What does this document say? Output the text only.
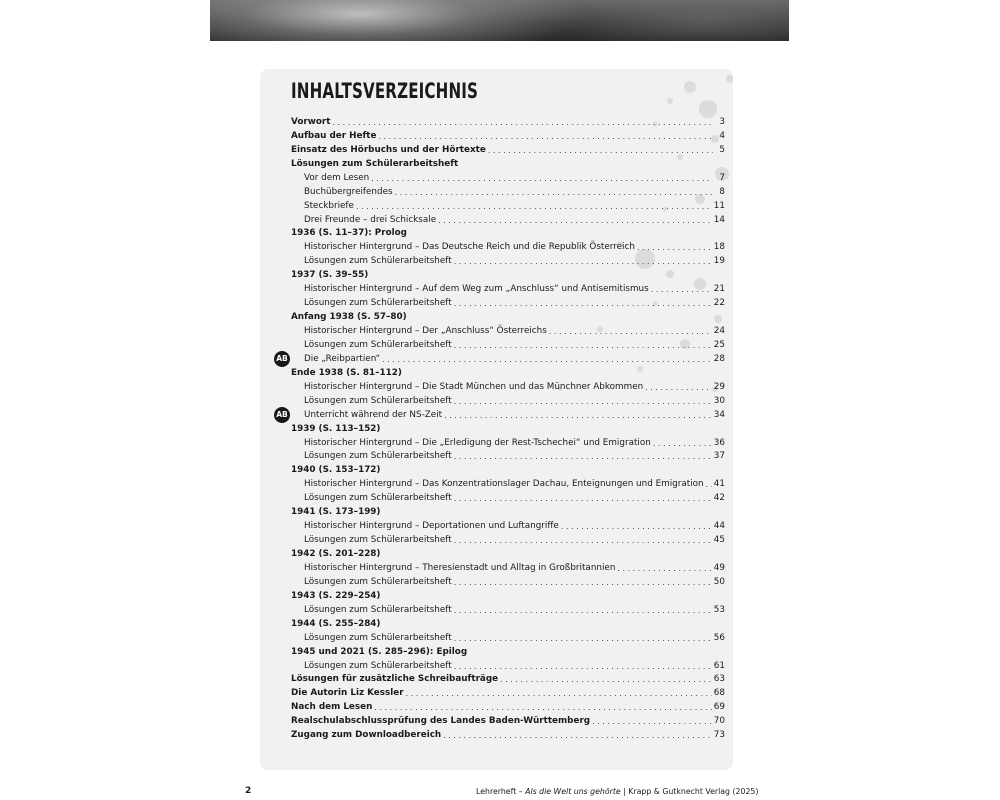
INHALTSVERZEICHNIS
Vorwort . . .	3
Aufbau der Hefte . . .	4
Einsatz des Hörbuchs und der Hörtexte . . .	5
Lösungen zum Schülerarbeitsheft
Vor dem Lesen . . .	7
Buchübergreifendes . . .	8
Steckbriefe . . .	11
Drei Freunde – drei Schicksale . . .	14
1936 (S. 11–37): Prolog
Historischer Hintergrund – Das Deutsche Reich und die Republik Österreich . . .	18
Lösungen zum Schülerarbeitsheft . . .	19
1937 (S. 39–55)
Historischer Hintergrund – Auf dem Weg zum „Anschluss“ und Antisemitismus . . .	21
Lösungen zum Schülerarbeitsheft . . .	22
Anfang 1938 (S. 57–80)
Historischer Hintergrund – Der „Anschluss“ Österreichs . . .	24
Lösungen zum Schülerarbeitsheft . . .	25
AB Die „Reibpartien“ . . .	28
Ende 1938 (S. 81–112)
Historischer Hintergrund – Die Stadt München und das Münchner Abkommen . . .	29
Lösungen zum Schülerarbeitsheft . . .	30
AB Unterricht während der NS-Zeit . . .	34
1939 (S. 113–152)
Historischer Hintergrund – Die „Erledigung der Rest-Tschechei“ und Emigration . . .	36
Lösungen zum Schülerarbeitsheft . . .	37
1940 (S. 153–172)
Historischer Hintergrund – Das Konzentrationslager Dachau, Enteignungen und Emigration . . . 41
Lösungen zum Schülerarbeitsheft . . .	42
1941 (S. 173–199)
Historischer Hintergrund – Deportationen und Luftangriffe . . .	44
Lösungen zum Schülerarbeitsheft . . .	45
1942 (S. 201–228)
Historischer Hintergrund – Theresienstadt und Alltag in Großbritannien . . .	49
Lösungen zum Schülerarbeitsheft . . .	50
1943 (S. 229–254)
Lösungen zum Schülerarbeitsheft . . .	53
1944 (S. 255–284)
Lösungen zum Schülerarbeitsheft . . .	56
1945 und 2021 (S. 285–296): Epilog
Lösungen zum Schülerarbeitsheft . . .	61
Lösungen für zusätzliche Schreibaufträge . . .	63
Die Autorin Liz Kessler . . .	68
Nach dem Lesen . . .	69
Realschulabschlussprüfung des Landes Baden-Württemberg . . .	70
Zugang zum Downloadbereich . . .	73
2	Lehrerheft – Als die Welt uns gehörte | Krapp & Gutknecht Verlag (2025)
